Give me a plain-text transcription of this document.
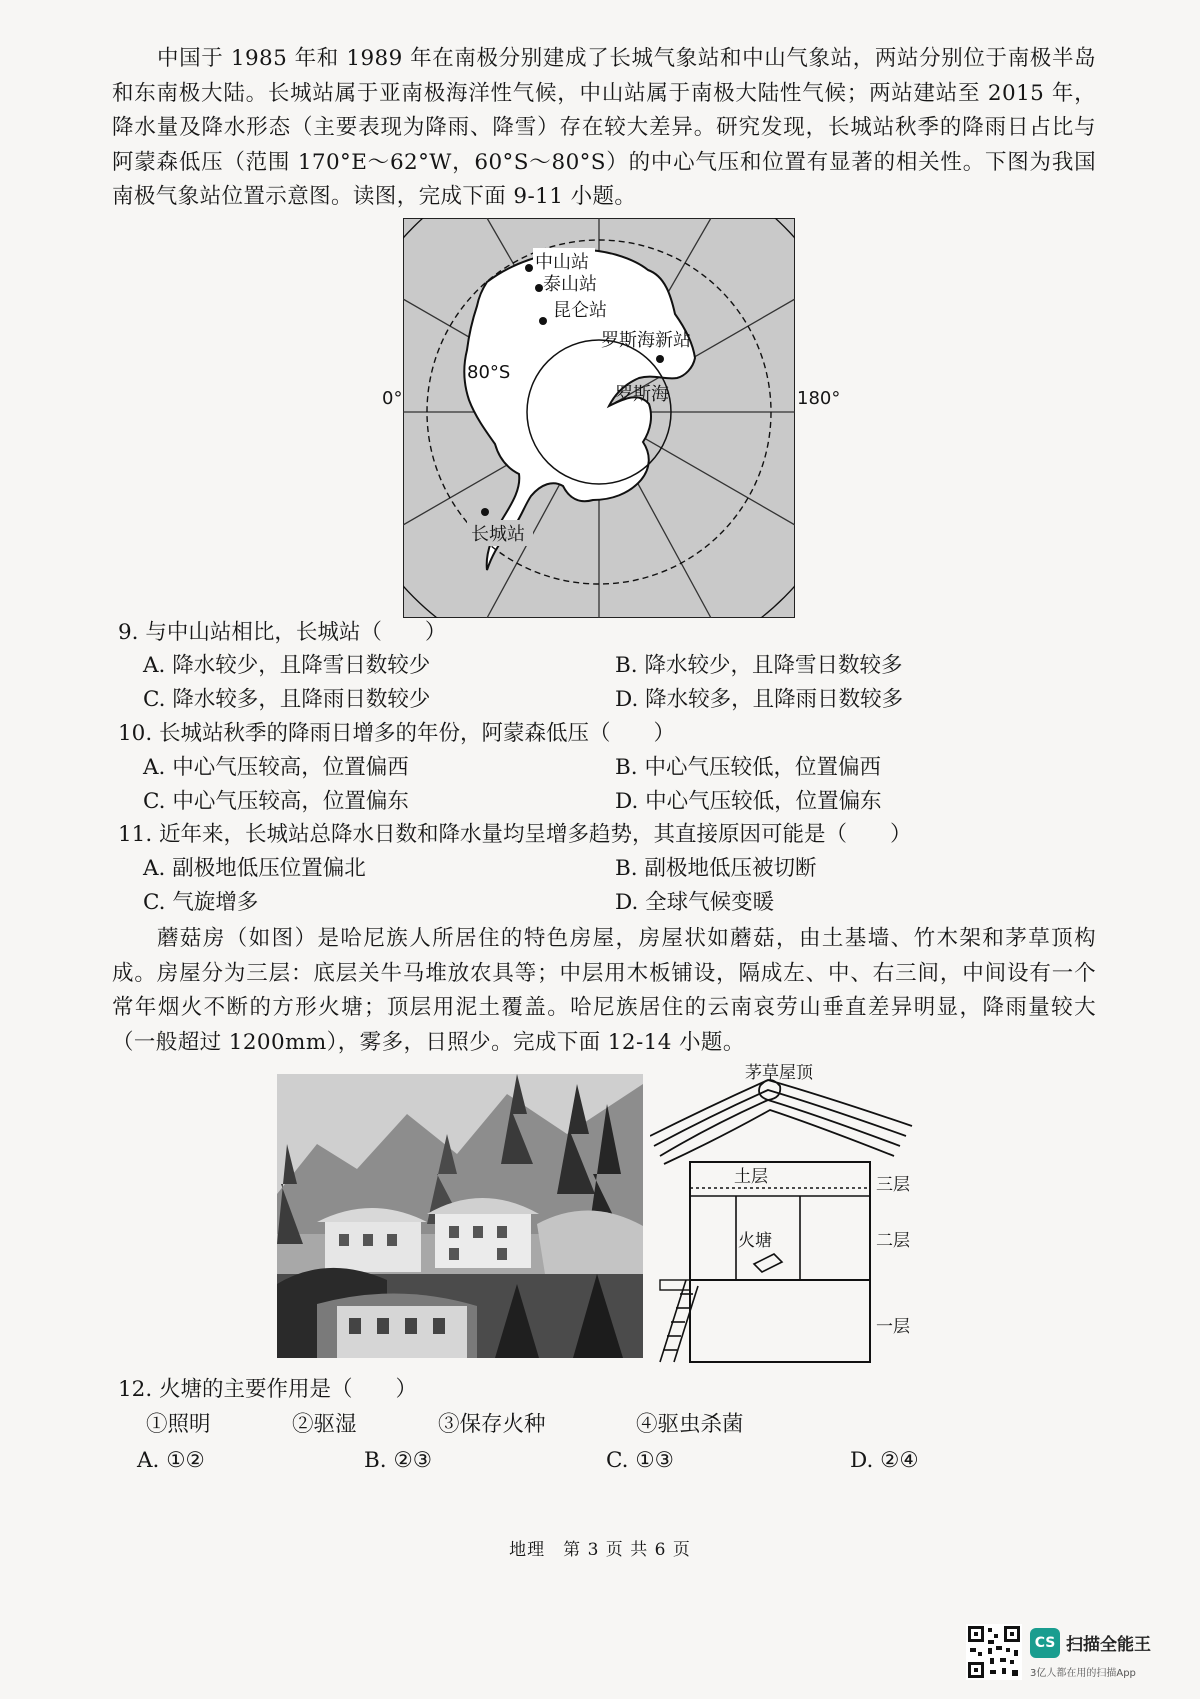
中国于 1985 年和 1989 年在南极分别建成了长城气象站和中山气象站，两站分别位于南极半岛和东南极大陆。长城站属于亚南极海洋性气候，中山站属于南极大陆性气候；两站建站至 2015 年，降水量及降水形态（主要表现为降雨、降雪）存在较大差异。研究发现，长城站秋季的降雨日占比与阿蒙森低压（范围 170°E～62°W，60°S～80°S）的中心气压和位置有显著的相关性。下图为我国南极气象站位置示意图。读图，完成下面 9-11 小题。

中山站
泰山站
昆仑站
罗斯海新站
长城站
80°S
罗斯海
0°	180°
9. 与中山站相比，长城站（　　）
A. 降水较少，且降雪日数较少	B. 降水较少，且降雪日数较多
C. 降水较多，且降雨日数较少	D. 降水较多，且降雨日数较多
10. 长城站秋季的降雨日增多的年份，阿蒙森低压（　　）
A. 中心气压较高，位置偏西	B. 中心气压较低，位置偏西
C. 中心气压较高，位置偏东	D. 中心气压较低，位置偏东
11. 近年来，长城站总降水日数和降水量均呈增多趋势，其直接原因可能是（　　）
A. 副极地低压位置偏北	B. 副极地低压被切断
C. 气旋增多	D. 全球气候变暖

蘑菇房（如图）是哈尼族人所居住的特色房屋，房屋状如蘑菇，由土基墙、竹木架和茅草顶构成。房屋分为三层：底层关牛马堆放农具等；中层用木板铺设，隔成左、中、右三间，中间设有一个常年烟火不断的方形火塘；顶层用泥土覆盖。哈尼族居住的云南哀劳山垂直差异明显，降雨量较大（一般超过 1200mm），雾多，日照少。完成下面 12-14 小题。

土层
火塘
三层
二层
一层
茅草屋顶
12. 火塘的主要作用是（　　）
①照明	②驱湿	③保存火种	④驱虫杀菌
A. ①②	B. ②③	C. ①③	D. ②④
地理　第 3 页 共 6 页
CS 扫描全能王
3亿人都在用的扫描App
